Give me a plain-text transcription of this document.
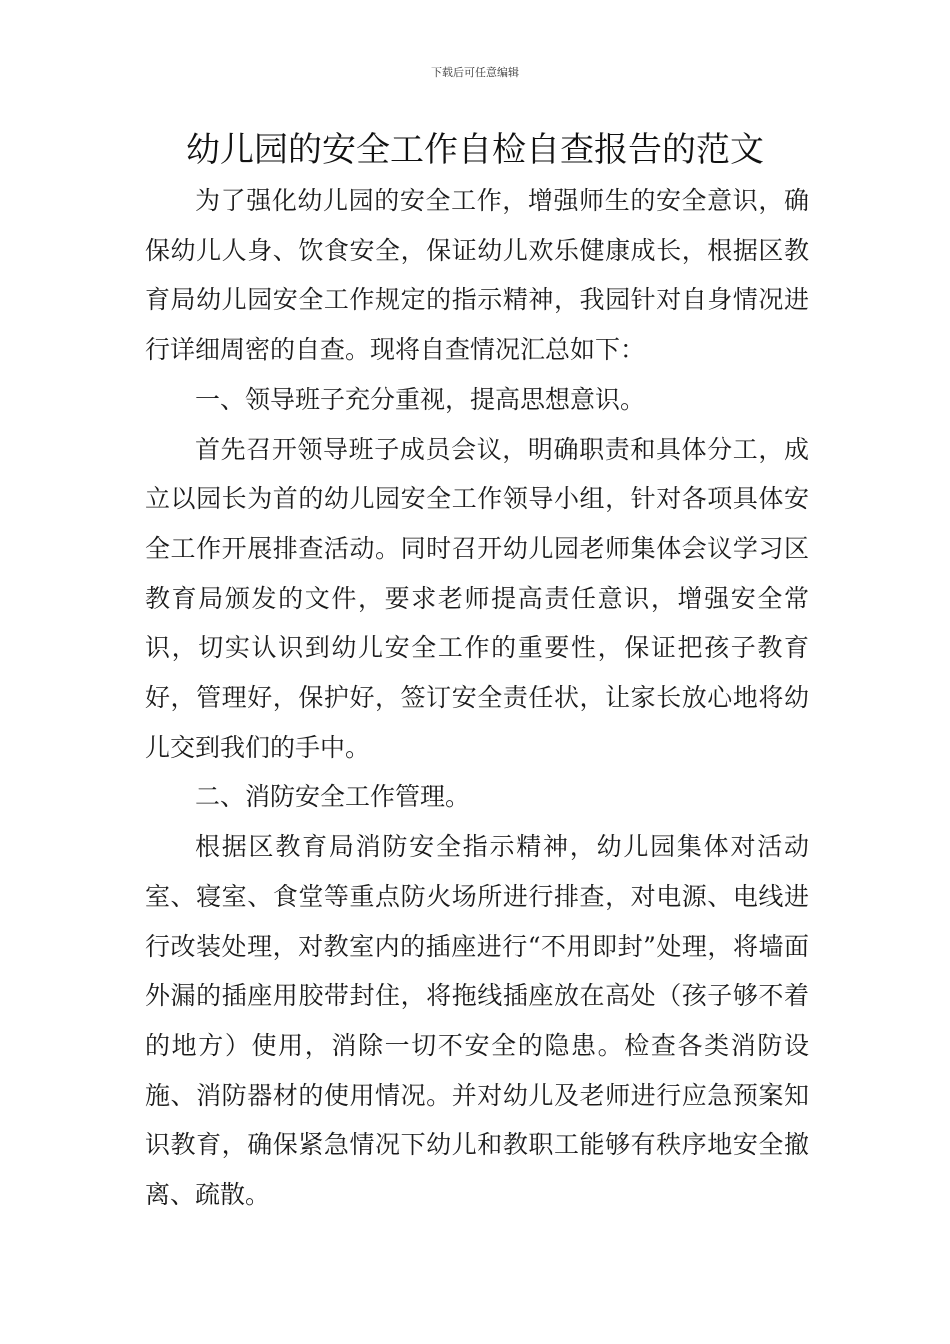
下载后可任意编辑
幼儿园的安全工作自检自查报告的范文

为了强化幼儿园的安全工作，增强师生的安全意识，确保幼儿人身、饮食安全，保证幼儿欢乐健康成长，根据区教育局幼儿园安全工作规定的指示精神，我园针对自身情况进行详细周密的自查。现将自查情况汇总如下：

一、领导班子充分重视，提高思想意识。

首先召开领导班子成员会议，明确职责和具体分工，成立以园长为首的幼儿园安全工作领导小组，针对各项具体安全工作开展排查活动。同时召开幼儿园老师集体会议学习区教育局颁发的文件，要求老师提高责任意识，增强安全常识，切实认识到幼儿安全工作的重要性，保证把孩子教育好，管理好，保护好，签订安全责任状，让家长放心地将幼儿交到我们的手中。

二、消防安全工作管理。

根据区教育局消防安全指示精神，幼儿园集体对活动室、寝室、食堂等重点防火场所进行排查，对电源、电线进行改装处理，对教室内的插座进行“不用即封”处理，将墙面外漏的插座用胶带封住，将拖线插座放在高处（孩子够不着的地方）使用，消除一切不安全的隐患。检查各类消防设施、消防器材的使用情况。并对幼儿及老师进行应急预案知识教育，确保紧急情况下幼儿和教职工能够有秩序地安全撤离、疏散。
